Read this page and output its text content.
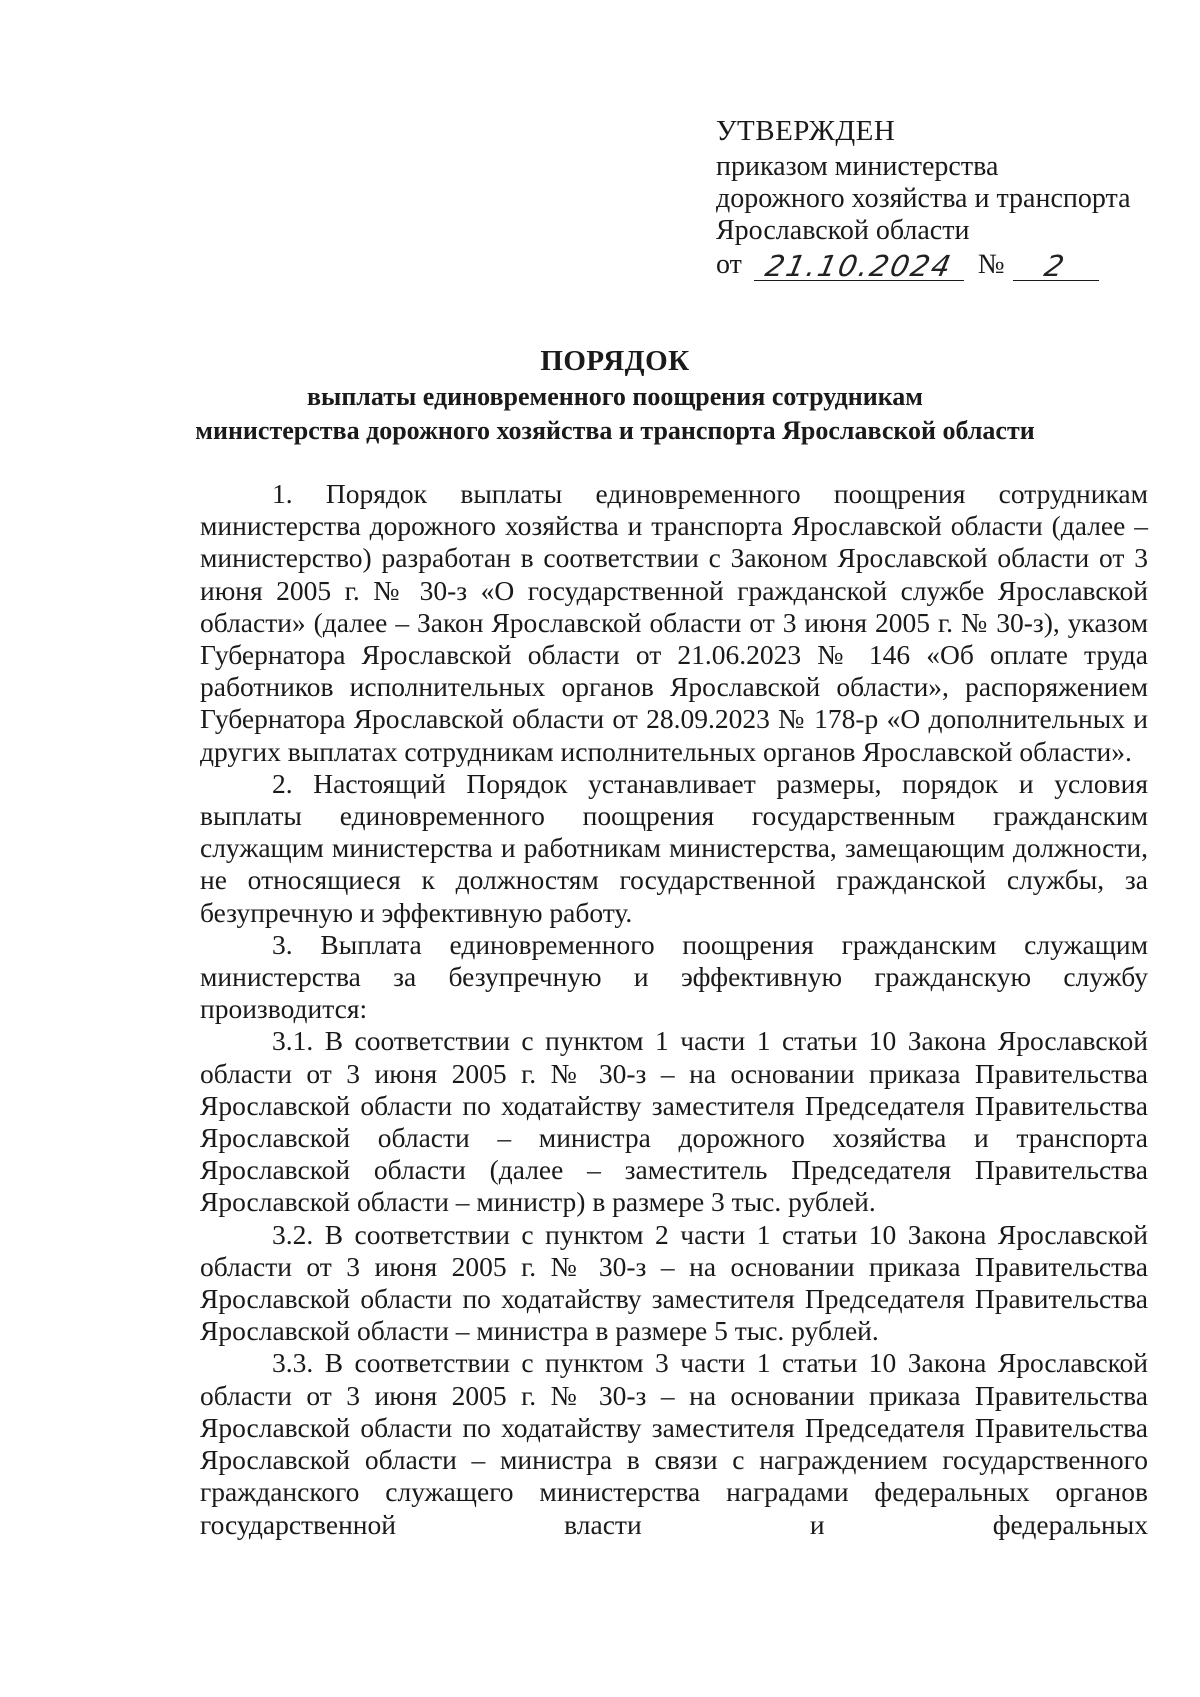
УТВЕРЖДЕН
приказом министерства
дорожного хозяйства и транспорта
Ярославской области
от 21.10.2024 №	2
ПОРЯДОК
выплаты единовременного поощрения сотрудникам
министерства дорожного хозяйства и транспорта Ярославской области

1. Порядок выплаты единовременного поощрения сотрудникам министерства дорожного хозяйства и транспорта Ярославской области (далее – министерство) разработан в соответствии с Законом Ярославской области от 3 июня 2005 г. № 30-з «О государственной гражданской службе Ярославской области» (далее – Закон Ярославской области от 3 июня 2005 г. № 30-з), указом Губернатора Ярославской области от 21.06.2023 № 146 «Об оплате труда работников исполнительных органов Ярославской области», распоряжением Губернатора Ярославской области от 28.09.2023 № 178-р «О дополнительных и других выплатах сотрудникам исполнительных органов Ярославской области».

2. Настоящий Порядок устанавливает размеры, порядок и условия выплаты единовременного поощрения государственным гражданским служащим министерства и работникам министерства, замещающим должности, не относящиеся к должностям государственной гражданской службы, за безупречную и эффективную работу.

3. Выплата единовременного поощрения гражданским служащим министерства за безупречную и эффективную гражданскую службу производится:

3.1. В соответствии с пунктом 1 части 1 статьи 10 Закона Ярославской области от 3 июня 2005 г. № 30-з – на основании приказа Правительства Ярославской области по ходатайству заместителя Председателя Правительства Ярославской области – министра дорожного хозяйства и транспорта Ярославской области (далее – заместитель Председателя Правительства Ярославской области – министр) в размере 3 тыс. рублей.

3.2. В соответствии с пунктом 2 части 1 статьи 10 Закона Ярославской области от 3 июня 2005 г. № 30-з – на основании приказа Правительства Ярославской области по ходатайству заместителя Председателя Правительства Ярославской области – министра в размере 5 тыс. рублей.

3.3. В соответствии с пунктом 3 части 1 статьи 10 Закона Ярославской области от 3 июня 2005 г. № 30-з – на основании приказа Правительства Ярославской области по ходатайству заместителя Председателя Правительства Ярославской области – министра в связи с награждением государственного гражданского служащего министерства наградами федеральных органов государственной власти и федеральных
